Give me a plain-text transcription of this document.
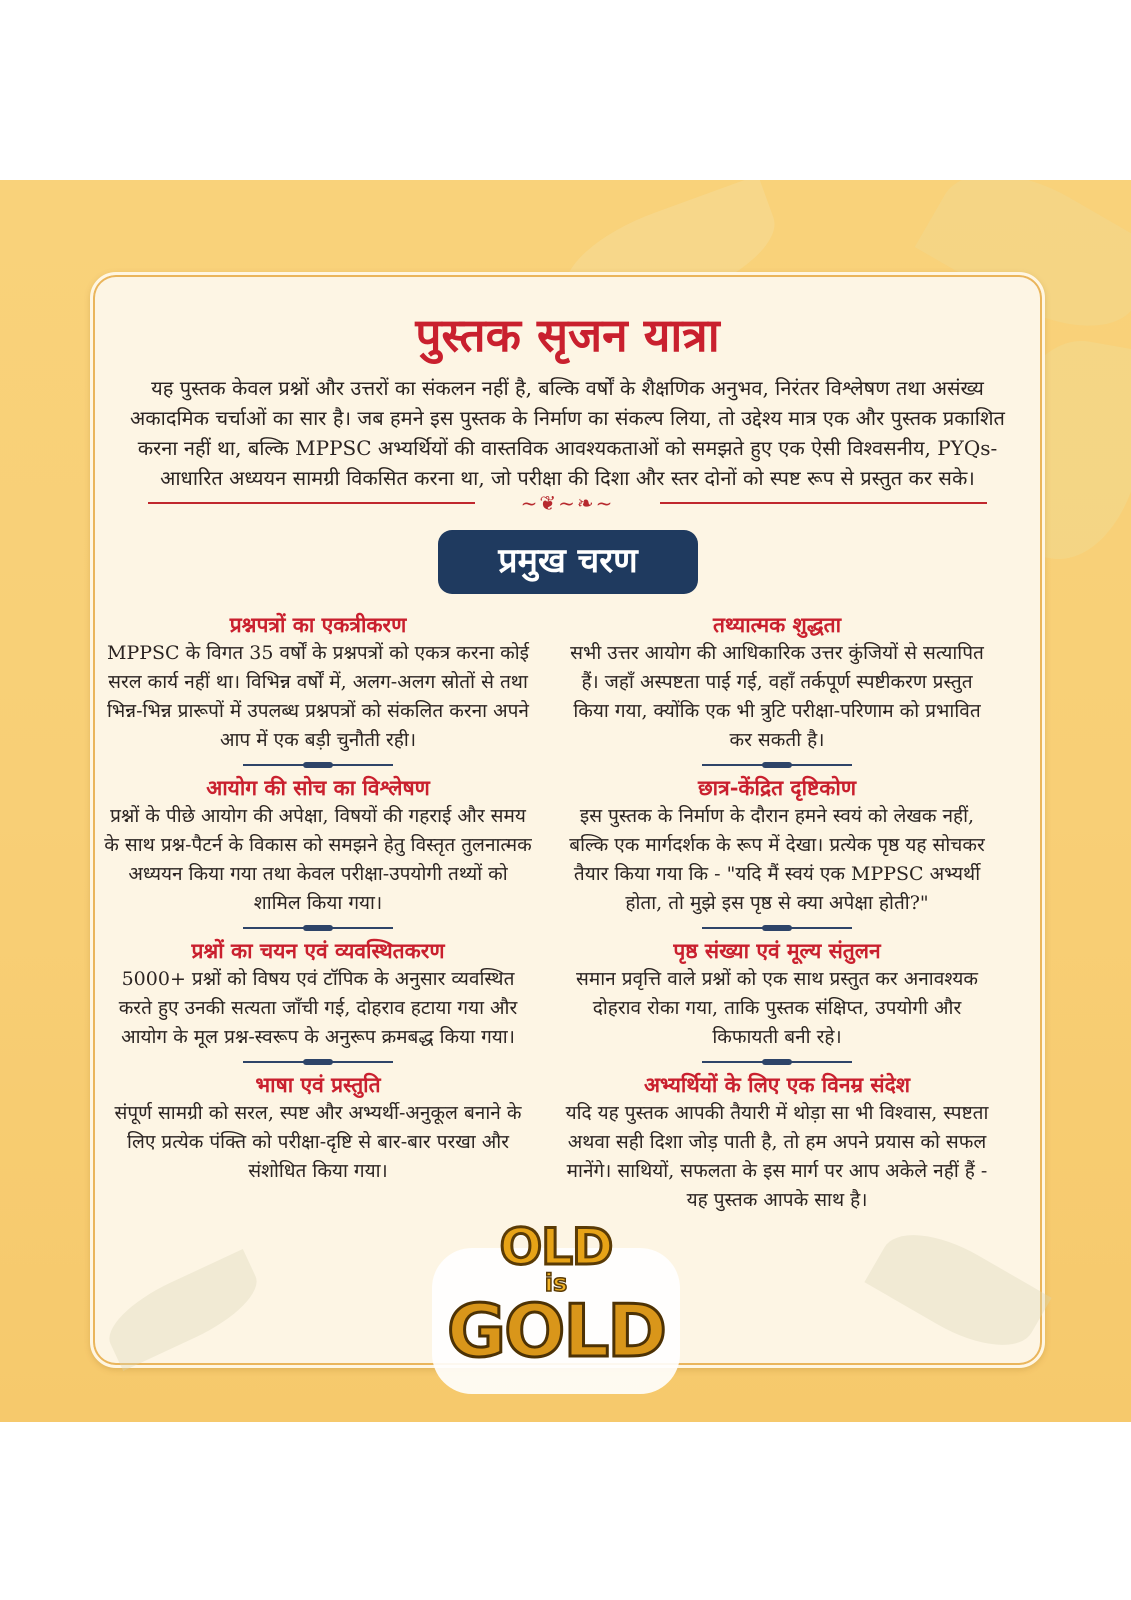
पुस्तक सृजन यात्रा
यह पुस्तक केवल प्रश्नों और उत्तरों का संकलन नहीं है, बल्कि वर्षों के शैक्षणिक अनुभव, निरंतर विश्लेषण तथा असंख्य अकादमिक चर्चाओं का सार है। जब हमने इस पुस्तक के निर्माण का संकल्प लिया, तो उद्देश्य मात्र एक और पुस्तक प्रकाशित करना नहीं था, बल्कि MPPSC अभ्यर्थियों की वास्तविक आवश्यकताओं को समझते हुए एक ऐसी विश्वसनीय, PYQs-आधारित अध्ययन सामग्री विकसित करना था, जो परीक्षा की दिशा और स्तर दोनों को स्पष्ट रूप से प्रस्तुत कर सके।
~❦~❧~
प्रमुख चरण
प्रश्नपत्रों का एकत्रीकरण

MPPSC के विगत 35 वर्षों के प्रश्नपत्रों को एकत्र करना कोई सरल कार्य नहीं था। विभिन्न वर्षों में, अलग-अलग स्रोतों से तथा भिन्न-भिन्न प्रारूपों में उपलब्ध प्रश्नपत्रों को संकलित करना अपने आप में एक बड़ी चुनौती रही।

आयोग की सोच का विश्लेषण

प्रश्नों के पीछे आयोग की अपेक्षा, विषयों की गहराई और समय के साथ प्रश्न-पैटर्न के विकास को समझने हेतु विस्तृत तुलनात्मक अध्ययन किया गया तथा केवल परीक्षा-उपयोगी तथ्यों को शामिल किया गया।

प्रश्नों का चयन एवं व्यवस्थितकरण

5000+ प्रश्नों को विषय एवं टॉपिक के अनुसार व्यवस्थित करते हुए उनकी सत्यता जाँची गई, दोहराव हटाया गया और आयोग के मूल प्रश्न-स्वरूप के अनुरूप क्रमबद्ध किया गया।

भाषा एवं प्रस्तुति

संपूर्ण सामग्री को सरल, स्पष्ट और अभ्यर्थी-अनुकूल बनाने के लिए प्रत्येक पंक्ति को परीक्षा-दृष्टि से बार-बार परखा और संशोधित किया गया।

तथ्यात्मक शुद्धता

सभी उत्तर आयोग की आधिकारिक उत्तर कुंजियों से सत्यापित हैं। जहाँ अस्पष्टता पाई गई, वहाँ तर्कपूर्ण स्पष्टीकरण प्रस्तुत किया गया, क्योंकि एक भी त्रुटि परीक्षा-परिणाम को प्रभावित कर सकती है।

छात्र-केंद्रित दृष्टिकोण

इस पुस्तक के निर्माण के दौरान हमने स्वयं को लेखक नहीं, बल्कि एक मार्गदर्शक के रूप में देखा। प्रत्येक पृष्ठ यह सोचकर तैयार किया गया कि - "यदि मैं स्वयं एक MPPSC अभ्यर्थी होता, तो मुझे इस पृष्ठ से क्या अपेक्षा होती?"

पृष्ठ संख्या एवं मूल्य संतुलन

समान प्रवृत्ति वाले प्रश्नों को एक साथ प्रस्तुत कर अनावश्यक दोहराव रोका गया, ताकि पुस्तक संक्षिप्त, उपयोगी और किफायती बनी रहे।

अभ्यर्थियों के लिए एक विनम्र संदेश

यदि यह पुस्तक आपकी तैयारी में थोड़ा सा भी विश्वास, स्पष्टता अथवा सही दिशा जोड़ पाती है, तो हम अपने प्रयास को सफल मानेंगे। साथियों, सफलता के इस मार्ग पर आप अकेले नहीं हैं - यह पुस्तक आपके साथ है।

OLD
is
GOLD
